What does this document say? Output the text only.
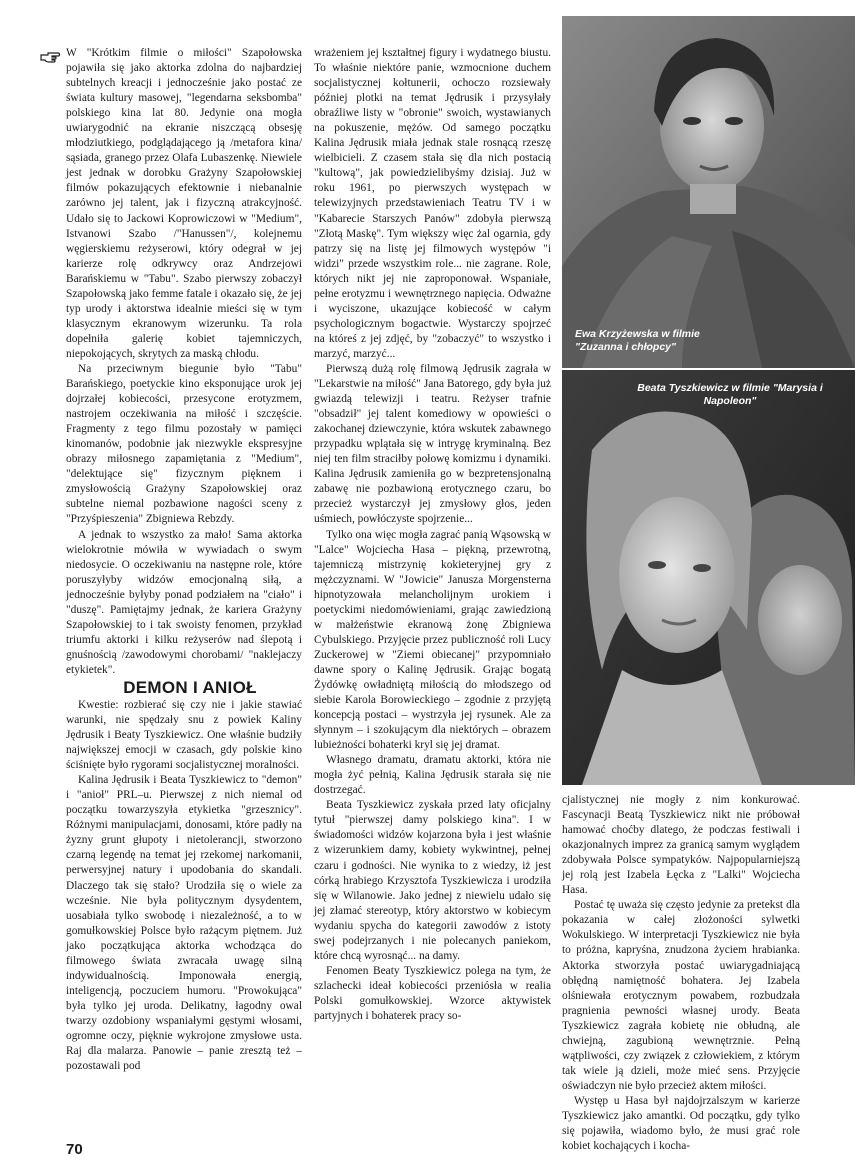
W "Krótkim filmie o miłości" Szapołowska pojawiła się jako aktorka zdolna do najbardziej subtelnych kreacji i jednocześnie jako postać ze świata kultury masowej, "legendarna seksbomba" polskiego kina lat 80. Jedynie ona mogła uwiarygodnić na ekranie niszczącą obsesję młodziutkiego, podglądającego ją /metafora kina/ sąsiada, granego przez Olafa Lubaszenkę. Niewiele jest jednak w dorobku Grażyny Szapołowskiej filmów pokazujących efektownie i niebanalnie zarówno jej talent, jak i fizyczną atrakcyjność. Udało się to Jackowi Koprowiczowi w "Medium", Istvanowi Szabo /"Hanussen"/, kolejnemu węgierskiemu reżyserowi, który odegrał w jej karierze rolę odkrywcy oraz Andrzejowi Barańskiemu w "Tabu". Szabo pierwszy zobaczył Szapołowską jako femme fatale i okazało się, że jej typ urody i aktorstwa idealnie mieści się w tym klasycznym ekranowym wizerunku. Ta rola dopełniła galerię kobiet tajemniczych, niepokojących, skrytych za maską chłodu.

Na przeciwnym biegunie było "Tabu" Barańskiego, poetyckie kino eksponujące urok jej dojrzałej kobiecości, przesycone erotyzmem, nastrojem oczekiwania na miłość i szczęście. Fragmenty z tego filmu pozostały w pamięci kinomanów, podobnie jak niezwykle ekspresyjne obrazy miłosnego zapamiętania z "Medium", "delektujące się" fizycznym pięknem i zmysłowością Grażyny Szapołowskiej oraz subtelne niemal pozbawione nagości sceny z "Przyśpieszenia" Zbigniewa Rebzdy.

A jednak to wszystko za mało! Sama aktorka wielokrotnie mówiła w wywiadach o swym niedosycie. O oczekiwaniu na następne role, które poruszyłyby widzów emocjonalną siłą, a jednocześnie byłyby ponad podziałem na "ciało" i "duszę". Pamiętajmy jednak, że kariera Grażyny Szapołowskiej to i tak swoisty fenomen, przykład triumfu aktorki i kilku reżyserów nad ślepotą i gnuśnością /zawodowymi chorobami/ "naklejaczy etykietek".

DEMON I ANIOŁ

Kwestie: rozbierać się czy nie i jakie stawiać warunki, nie spędzały snu z powiek Kaliny Jędrusik i Beaty Tyszkiewicz. One właśnie budziły największej emocji w czasach, gdy polskie kino ściśnięte było rygorami socjalistycznej moralności.

Kalina Jędrusik i Beata Tyszkiewicz to "demon" i "anioł" PRL–u. Pierwszej z nich niemal od początku towarzyszyła etykietka "grzesznicy". Różnymi manipulacjami, donosami, które padły na żyzny grunt głupoty i nietolerancji, stworzono czarną legendę na temat jej rzekomej narkomanii, perwersyjnej natury i upodobania do skandali. Dlaczego tak się stało? Urodziła się o wiele za wcześnie. Nie była politycznym dysydentem, uosabiała tylko swobodę i niezależność, a to w gomułkowskiej Polsce było rażącym piętnem. Już jako początkująca aktorka wchodząca do filmowego świata zwracała uwagę silną indywidualnością. Imponowała energią, inteligencją, poczuciem humoru. "Prowokująca" była tylko jej uroda. Delikatny, łagodny owal twarzy ozdobiony wspaniałymi gęstymi włosami, ogromne oczy, pięknie wykrojone zmysłowe usta. Raj dla malarza. Panowie – panie zresztą też – pozostawali pod

wrażeniem jej kształtnej figury i wydatnego biustu. To właśnie niektóre panie, wzmocnione duchem socjalistycznej kołtunerii, ochoczo rozsiewały później plotki na temat Jędrusik i przysyłały obraźliwe listy w "obronie" swoich, wystawianych na pokuszenie, mężów. Od samego początku Kalina Jędrusik miała jednak stale rosnącą rzeszę wielbicieli. Z czasem stała się dla nich postacią "kultową", jak powiedzielibyśmy dzisiaj. Już w roku 1961, po pierwszych występach w telewizyjnych przedstawieniach Teatru TV i w "Kabarecie Starszych Panów" zdobyła pierwszą "Złotą Maskę". Tym większy więc żal ogarnia, gdy patrzy się na listę jej filmowych występów "i widzi" przede wszystkim role... nie zagrane. Role, których nikt jej nie zaproponował. Wspaniałe, pełne erotyzmu i wewnętrznego napięcia. Odważne i wyciszone, ukazujące kobiecość w całym psychologicznym bogactwie. Wystarczy spojrzeć na któreś z jej zdjęć, by "zobaczyć" to wszystko i marzyć, marzyć...

Pierwszą dużą rolę filmową Jędrusik zagrała w "Lekarstwie na miłość" Jana Batorego, gdy była już gwiazdą telewizji i teatru. Reżyser trafnie "obsadził" jej talent komediowy w opowieści o zakochanej dziewczynie, która wskutek zabawnego przypadku wplątała się w intrygę kryminalną. Bez niej ten film straciłby połowę komizmu i dynamiki. Kalina Jędrusik zamieniła go w bezpretensjonalną zabawę nie pozbawioną erotycznego czaru, bo przecież wystarczył jej zmysłowy głos, jeden uśmiech, powłóczyste spojrzenie...

Tylko ona więc mogła zagrać panią Wąsowską w "Lalce" Wojciecha Hasa – piękną, przewrotną, tajemniczą mistrzynię kokieteryjnej gry z mężczyznami. W "Jowicie" Janusza Morgensterna hipnotyzowała melancholijnym urokiem i poetyckimi niedomówieniami, grając zawiedzioną w małżeństwie ekranową żonę Zbigniewa Cybulskiego. Przyjęcie przez publiczność roli Lucy Zuckerowej w "Ziemi obiecanej" przypomniało dawne spory o Kalinę Jędrusik. Grając bogatą Żydówkę owładniętą miłością do młodszego od siebie Karola Borowieckiego – zgodnie z przyjętą koncepcją postaci – wystrzyła jej rysunek. Ale za słynnym – i szokującym dla niektórych – obrazem lubieżności bohaterki kryl się jej dramat.

Własnego dramatu, dramatu aktorki, która nie mogła żyć pełnią, Kalina Jędrusik starała się nie dostrzegać.

Beata Tyszkiewicz zyskała przed laty oficjalny tytuł "pierwszej damy polskiego kina". I w świadomości widzów kojarzona była i jest właśnie z wizerunkiem damy, kobiety wykwintnej, pełnej czaru i godności. Nie wynika to z wiedzy, iż jest córką hrabiego Krzysztofa Tyszkiewicza i urodziła się w Wilanowie. Jako jednej z niewielu udało się jej złamać stereotyp, który aktorstwo w kobiecym wydaniu spycha do kategorii zawodów z istoty swej podejrzanych i nie polecanych paniekom, które chcą wyrosnąć... na damy.

Fenomen Beaty Tyszkiewicz polega na tym, że szlachecki ideał kobiecości przeniósła w realia Polski gomułkowskiej. Wzorce aktywistek partyjnych i bohaterek pracy so-

Ewa Krzyżewska w filmie "Zuzanna i chłopcy"
Beata Tyszkiewicz w filmie "Marysia i Napoleon"

cjalistycznej nie mogły z nim konkurować. Fascynacji Beatą Tyszkiewicz nikt nie próbował hamować choćby dlatego, że podczas festiwali i okazjonalnych imprez za granicą samym wyglądem zdobywała Polsce sympatyków. Najpopularniejszą jej rolą jest Izabela Łęcka z "Lalki" Wojciecha Hasa.

Postać tę uważa się często jedynie za pretekst dla pokazania w całej złożoności sylwetki Wokulskiego. W interpretacji Tyszkiewicz nie była to próżna, kapryśna, znudzona życiem hrabianka. Aktorka stworzyła postać uwiarygadniającą obłędną namiętność bohatera. Jej Izabela olśniewała erotycznym powabem, rozbudzała pragnienia pewności własnej urody. Beata Tyszkiewicz zagrała kobietę nie obłudną, ale chwiejną, zagubioną wewnętrznie. Pełną wątpliwości, czy związek z człowiekiem, z którym tak wiele ją dzieli, może mieć sens. Przyjęcie oświadczyn nie było przecież aktem miłości.

Występ u Hasa był najdojrzalszym w karierze Tyszkiewicz jako amantki. Od początku, gdy tylko się pojawiła, wiadomo było, że musi grać role kobiet kochających i kocha-

70
